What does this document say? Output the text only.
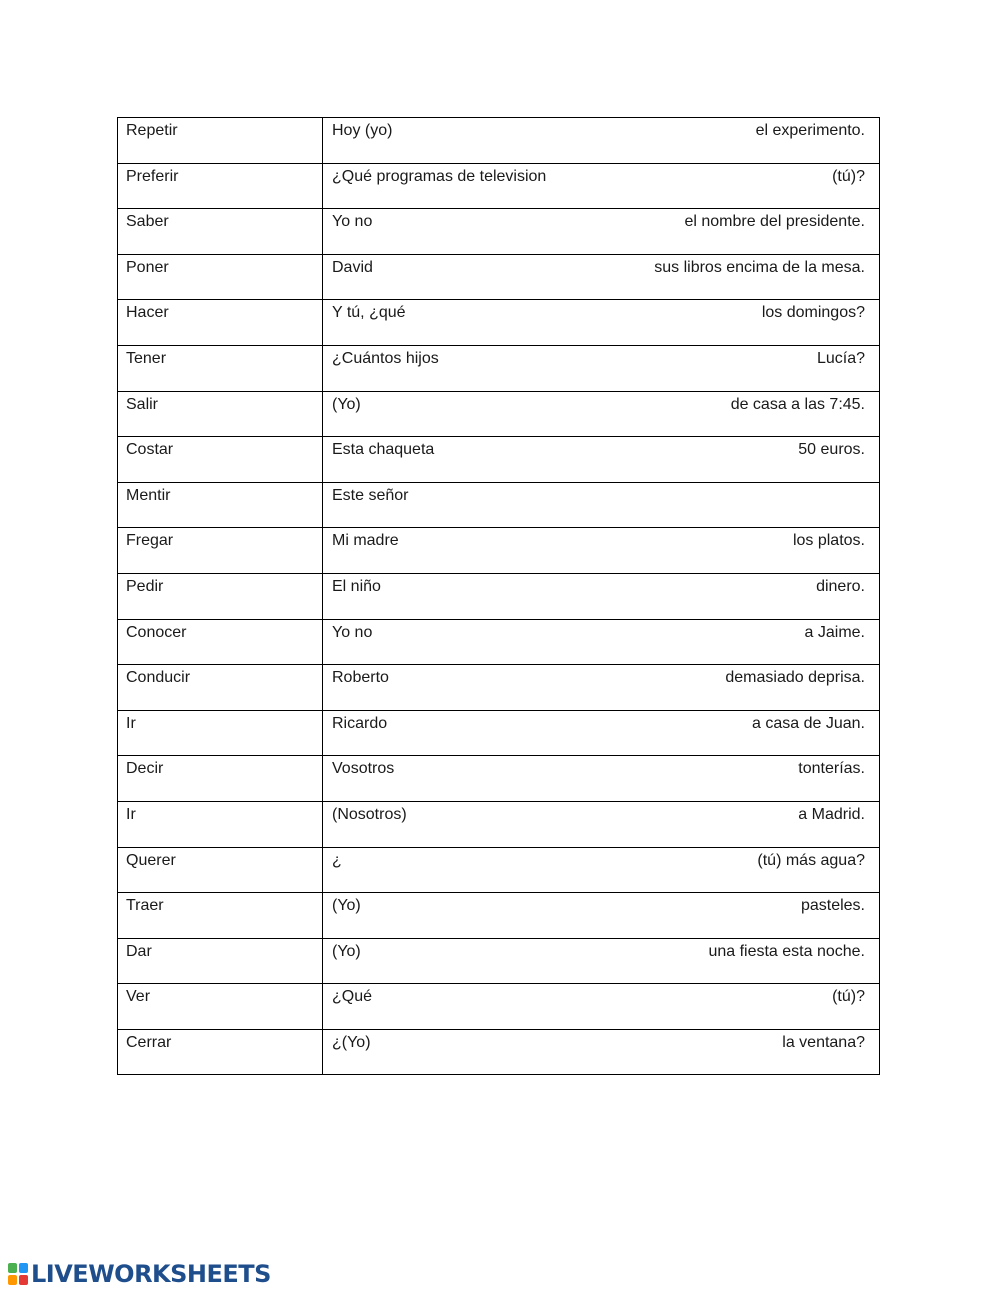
Repetir	Hoy (yo) el experimento.

Preferir	¿Qué programas de television (tú)?

Saber	Yo no el nombre del presidente.

Poner	David sus libros encima de la mesa.

Hacer	Y tú, ¿qué los domingos?

Tener	¿Cuántos hijos Lucía?

Salir	(Yo) de casa a las 7:45.

Costar	Esta chaqueta 50 euros.

Mentir	Este señor

Fregar	Mi madre los platos.

Pedir	El niño dinero.

Conocer	Yo no a Jaime.

Conducir	Roberto demasiado deprisa.

Ir	Ricardo a casa de Juan.

Decir	Vosotros tonterías.

Ir	(Nosotros) a Madrid.

Querer	¿ (tú) más agua?

Traer	(Yo) pasteles.

Dar	(Yo) una fiesta esta noche.

Ver	¿Qué (tú)?

Cerrar	¿(Yo) la ventana?
LIVEWORKSHEETS
